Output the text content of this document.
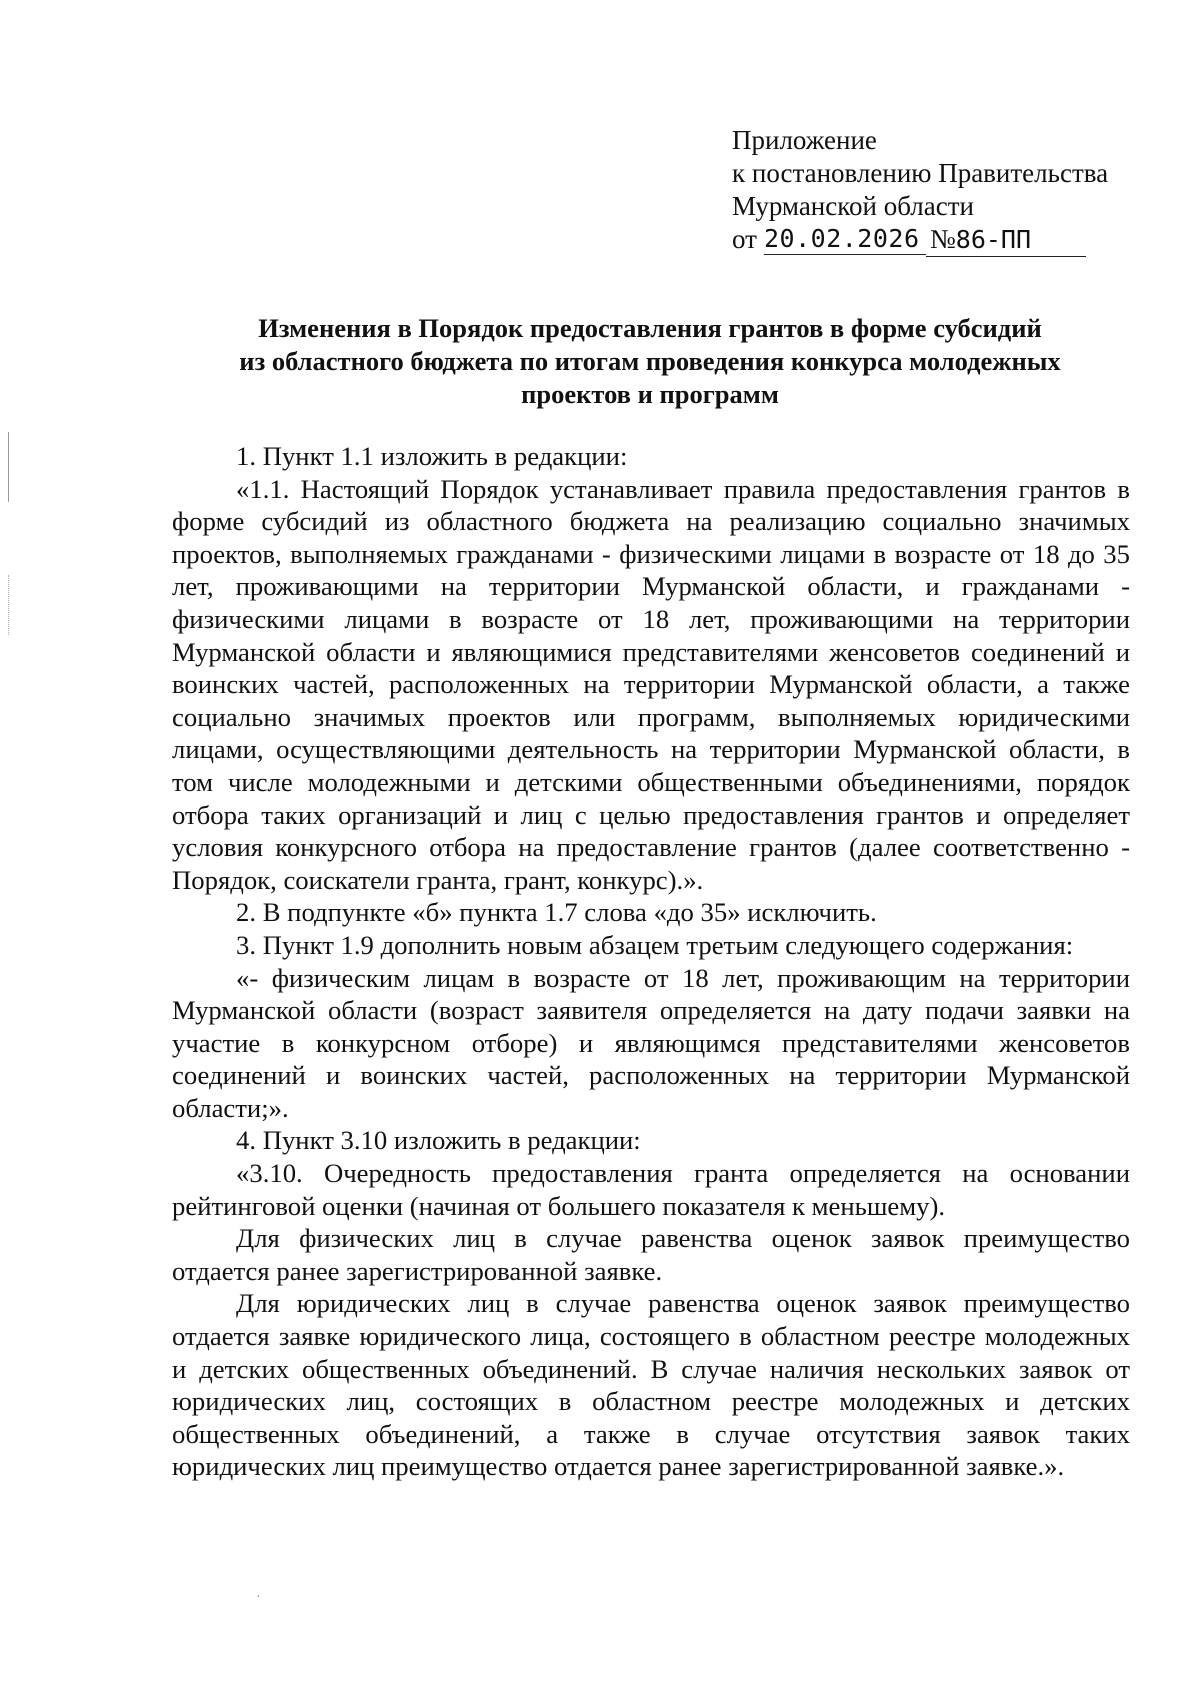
Приложение
к постановлению Правительства
Мурманской области
от 20.02.2026 №86-ПП
Изменения в Порядок предоставления грантов в форме субсидий
из областного бюджета по итогам проведения конкурса молодежных
проектов и программ

1. Пункт 1.1 изложить в редакции:

«1.1. Настоящий Порядок устанавливает правила предоставления грантов в форме субсидий из областного бюджета на реализацию социально значимых проектов, выполняемых гражданами - физическими лицами в возрасте от 18 до 35 лет, проживающими на территории Мурманской области, и гражданами - физическими лицами в возрасте от 18 лет, проживающими на территории Мурманской области и являющимися представителями женсоветов соединений и воинских частей, расположенных на территории Мурманской области, а также социально значимых проектов или программ, выполняемых юридическими лицами, осуществляющими деятельность на территории Мурманской области, в том числе молодежными и детскими общественными объединениями, порядок отбора таких организаций и лиц с целью предоставления грантов и определяет условия конкурсного отбора на предоставление грантов (далее соответственно - Порядок, соискатели гранта, грант, конкурс).».

2. В подпункте «б» пункта 1.7 слова «до 35» исключить.

3. Пункт 1.9 дополнить новым абзацем третьим следующего содержания:

«- физическим лицам в возрасте от 18 лет, проживающим на территории Мурманской области (возраст заявителя определяется на дату подачи заявки на участие в конкурсном отборе) и являющимся представителями женсоветов соединений и воинских частей, расположенных на территории Мурманской области;».

4. Пункт 3.10 изложить в редакции:

«3.10. Очередность предоставления гранта определяется на основании рейтинговой оценки (начиная от большего показателя к меньшему).

Для физических лиц в случае равенства оценок заявок преимущество отдается ранее зарегистрированной заявке.

Для юридических лиц в случае равенства оценок заявок преимущество отдается заявке юридического лица, состоящего в областном реестре молодежных и детских общественных объединений. В случае наличия нескольких заявок от юридических лиц, состоящих в областном реестре молодежных и детских общественных объединений, а также в случае отсутствия заявок таких юридических лиц преимущество отдается ранее зарегистрированной заявке.».

·
